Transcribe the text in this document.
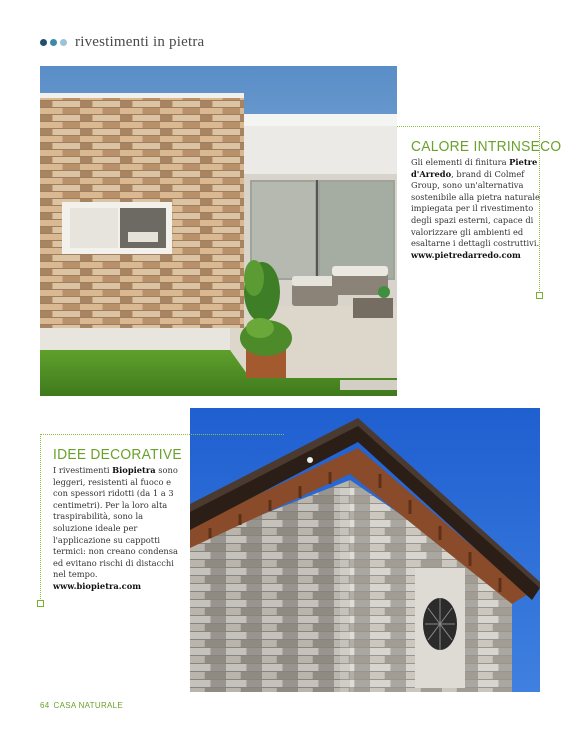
rivestimenti in pietra
CALORE INTRINSECO

Gli elementi di finitura Pietre d'Arredo, brand di Colmef Group, sono un'alternativa sostenibile alla pietra naturale impiegata per il rivestimento degli spazi esterni, capace di valorizzare gli ambienti ed esaltarne i dettagli costruttivi.

www.pietredarredo.com
IDEE DECORATIVE

I rivestimenti Biopietra sono leggeri, resistenti al fuoco e con spessori ridotti (da 1 a 3 centimetri). Per la loro alta traspirabilità, sono la soluzione ideale per l'applicazione su cappotti termici: non creano condensa ed evitano rischi di distacchi nel tempo.

www.biopietra.com
64 CASA NATURALE
